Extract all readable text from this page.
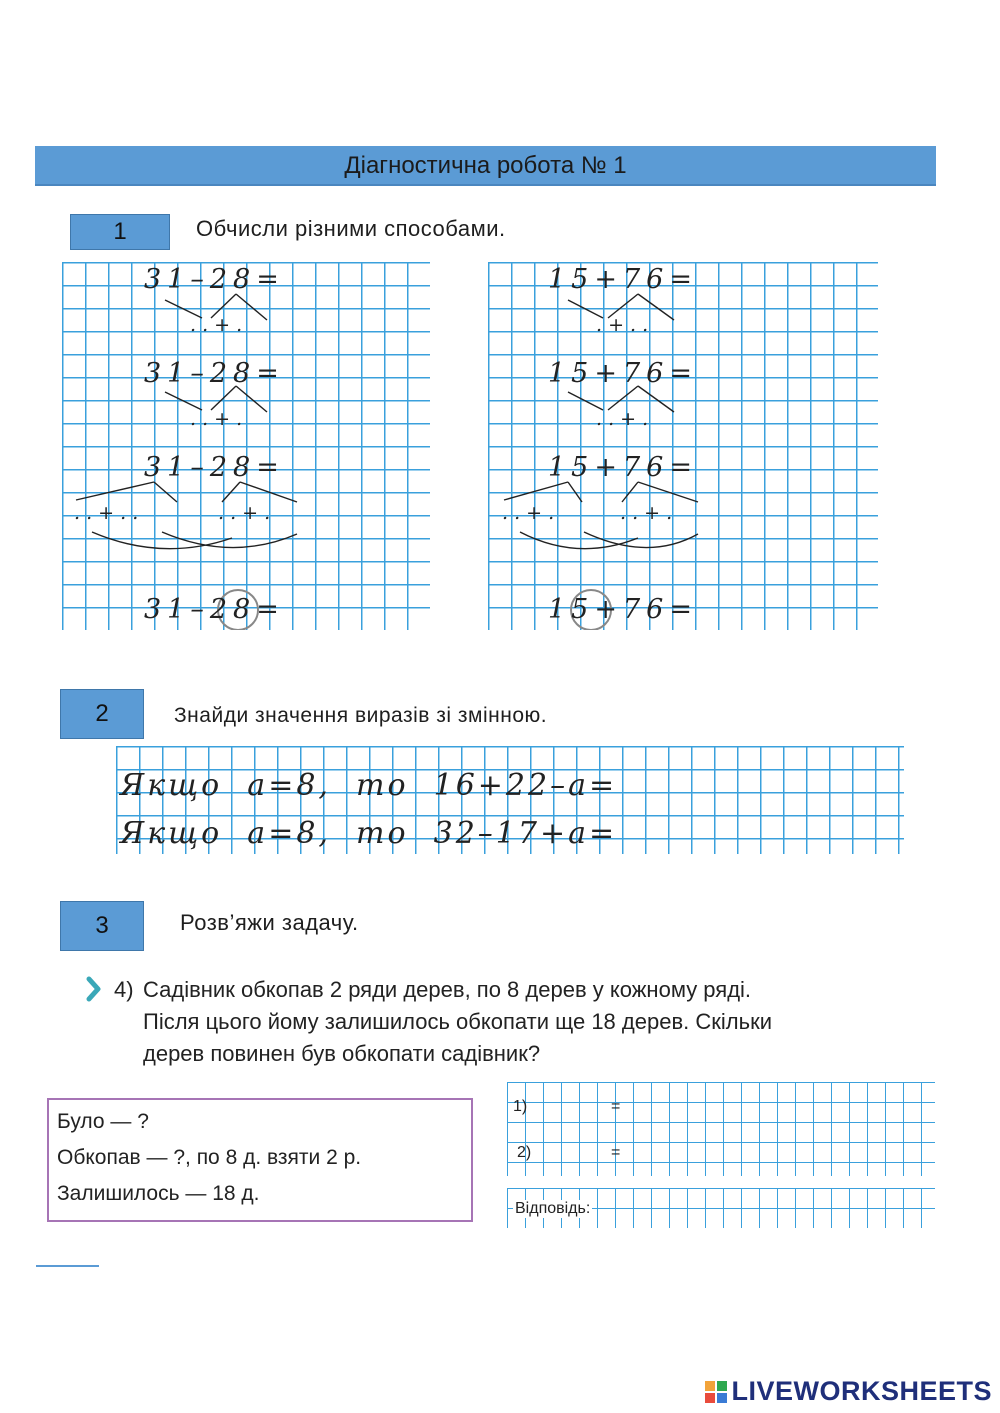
Діагностична робота № 1
1	Обчисли різними способами.
31–28=
. . + .
31–28=
. . + .
31–28=
. . + . .	. . + .
31–28=
15+76=
. + . .
15+76=
. . + .
15+76=
. . + .	. . + .
15+76=
2	Знайди значення виразів зі змінною.
Якщо  а=8,  то  16+22–а=
Якщо  а=8,  то  32–17+а=
3	Розв’яжи задачу.
4) Садівник обкопав 2 ряди дерев, по 8 дерев у кожному ряді.
Після цього йому залишилось обкопати ще 18 дерев. Скільки
дерев повинен був обкопати садівник?
Було — ?
Обкопав — ?, по 8 д. взяти 2 р.
Залишилось — 18 д.
1)	=
2)	=
Відповідь:
LIVEWORKSHEETS
